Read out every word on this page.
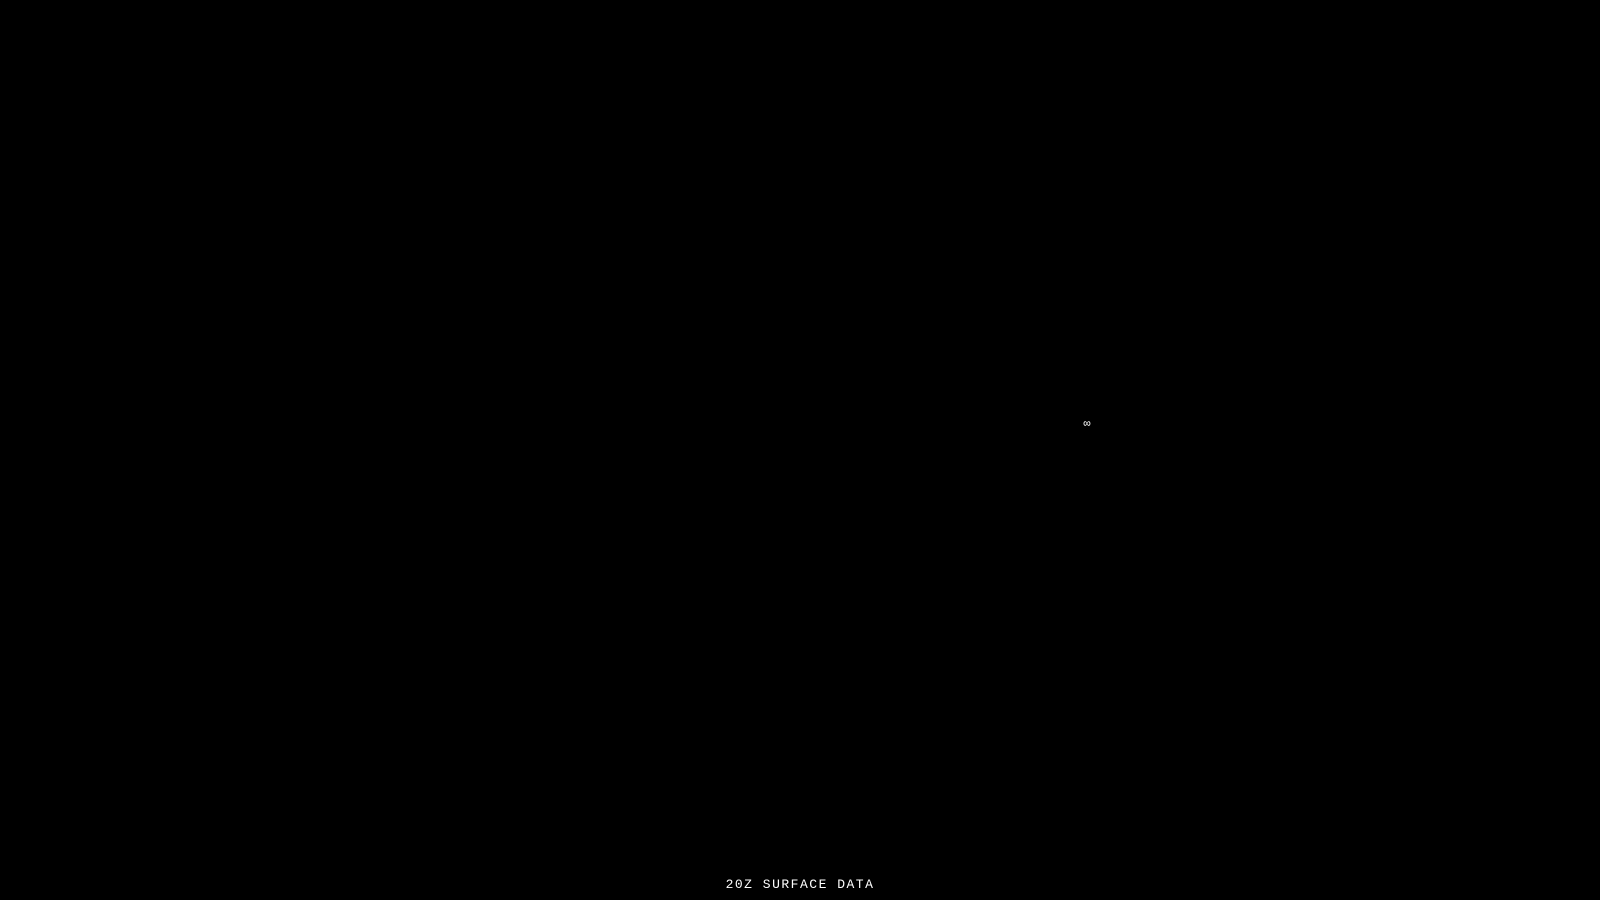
∞
20Z SURFACE DATA
